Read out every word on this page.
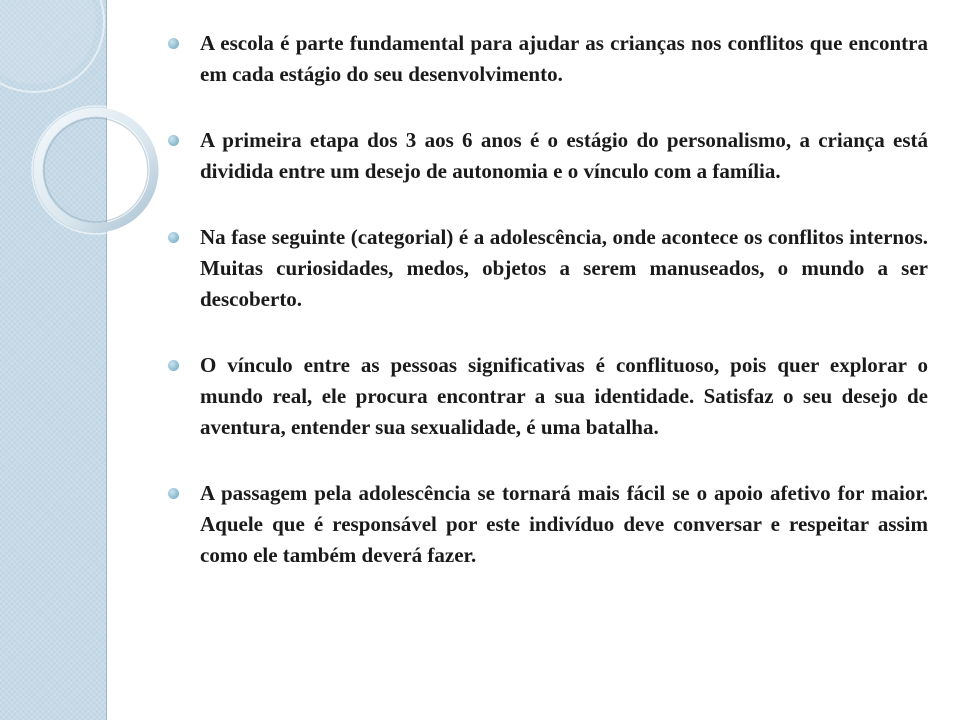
A escola é parte fundamental para ajudar as crianças nos conflitos que encontra em cada estágio do seu desenvolvimento.

A primeira etapa dos 3 aos 6 anos é o estágio do personalismo, a criança está dividida entre um desejo de autonomia e o vínculo com a família.

Na fase seguinte (categorial) é a adolescência, onde acontece os conflitos internos. Muitas curiosidades, medos, objetos a serem manuseados, o mundo a ser descoberto.

O vínculo entre as pessoas significativas é conflituoso, pois quer explorar o mundo real, ele procura encontrar a sua identidade. Satisfaz o seu desejo de aventura, entender sua sexualidade, é uma batalha.

A passagem pela adolescência se tornará mais fácil se o apoio afetivo for maior. Aquele que é responsável por este indivíduo deve conversar e respeitar assim como ele também deverá fazer.
